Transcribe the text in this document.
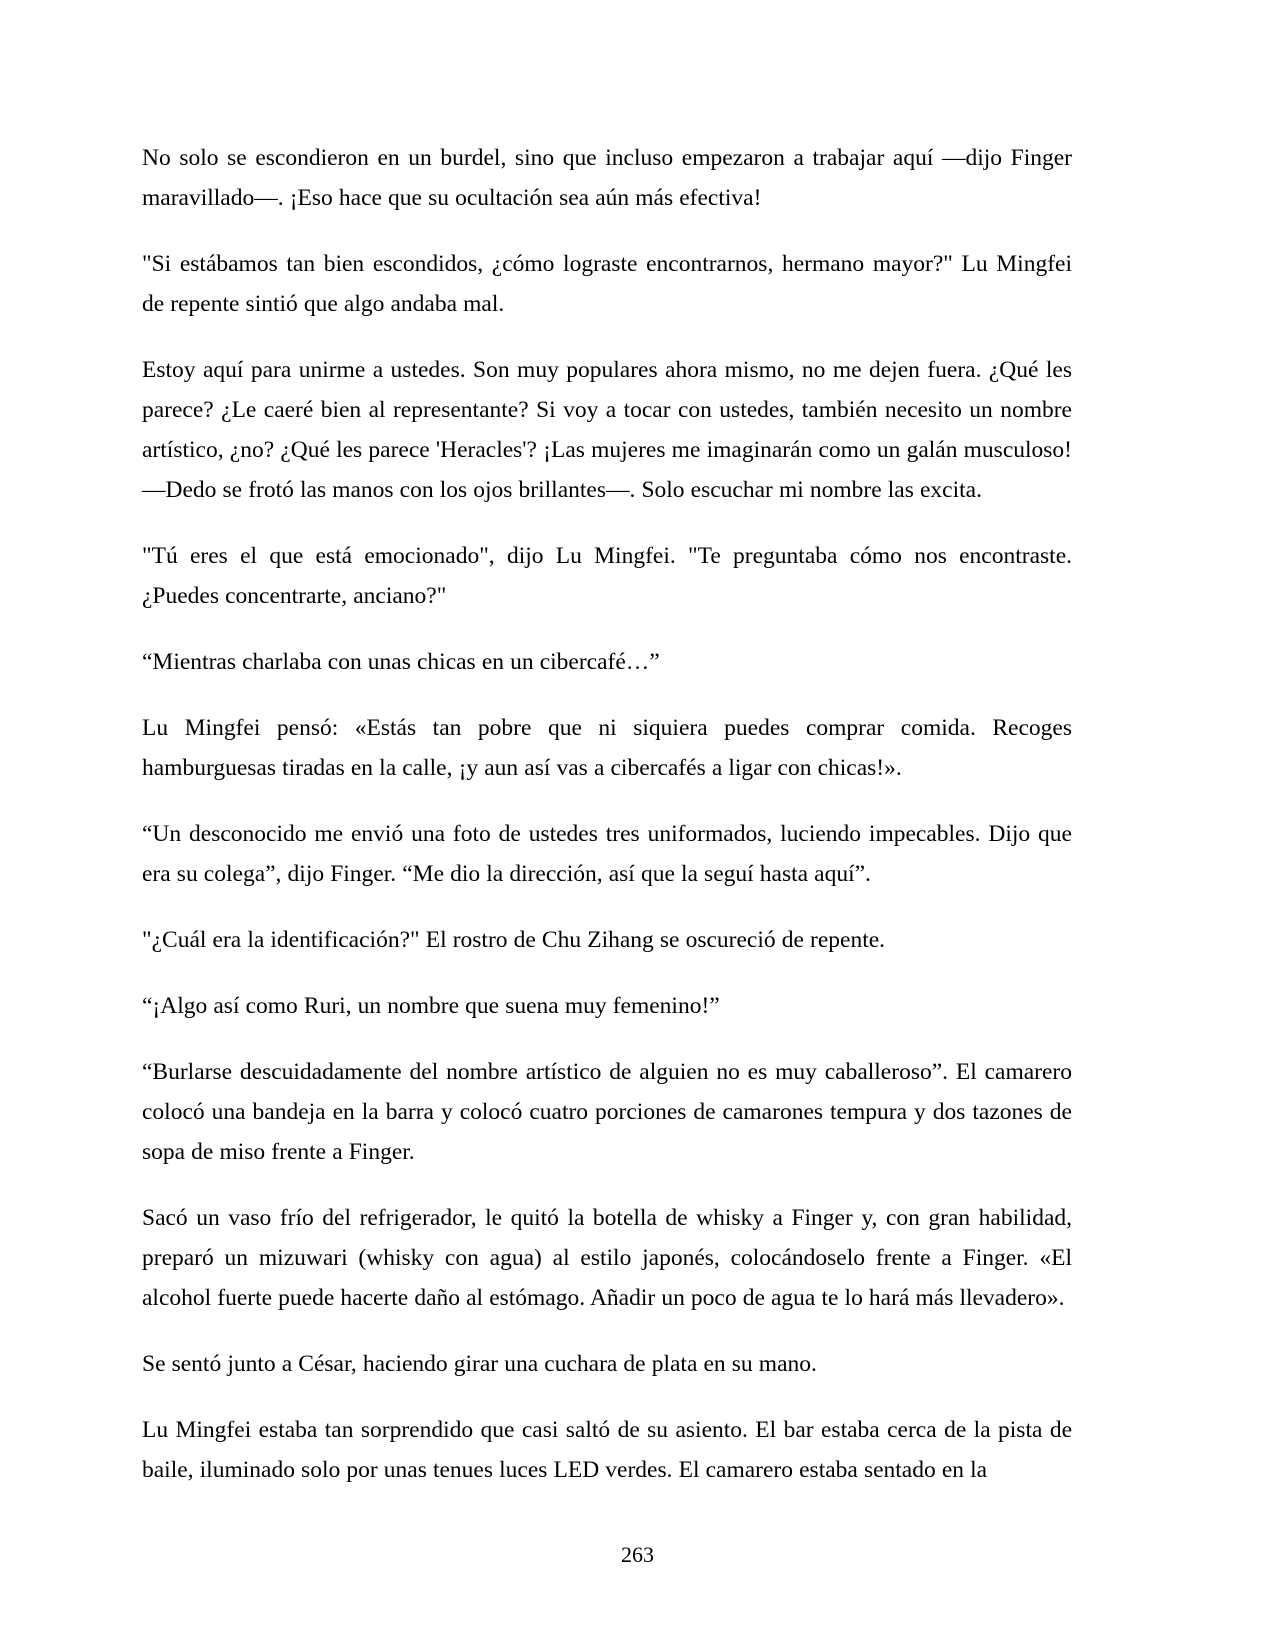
No solo se escondieron en un burdel, sino que incluso empezaron a trabajar aquí —dijo Finger maravillado—. ¡Eso hace que su ocultación sea aún más efectiva!

"Si estábamos tan bien escondidos, ¿cómo lograste encontrarnos, hermano mayor?" Lu Mingfei de repente sintió que algo andaba mal.

Estoy aquí para unirme a ustedes. Son muy populares ahora mismo, no me dejen fuera. ¿Qué les parece? ¿Le caeré bien al representante? Si voy a tocar con ustedes, también necesito un nombre artístico, ¿no? ¿Qué les parece 'Heracles'? ¡Las mujeres me imaginarán como un galán musculoso! —Dedo se frotó las manos con los ojos brillantes—. Solo escuchar mi nombre las excita.

"Tú eres el que está emocionado", dijo Lu Mingfei. "Te preguntaba cómo nos encontraste. ¿Puedes concentrarte, anciano?"

“Mientras charlaba con unas chicas en un cibercafé…”

Lu Mingfei pensó: «Estás tan pobre que ni siquiera puedes comprar comida. Recoges hamburguesas tiradas en la calle, ¡y aun así vas a cibercafés a ligar con chicas!».

“Un desconocido me envió una foto de ustedes tres uniformados, luciendo impecables. Dijo que era su colega”, dijo Finger. “Me dio la dirección, así que la seguí hasta aquí”.

"¿Cuál era la identificación?" El rostro de Chu Zihang se oscureció de repente.

“¡Algo así como Ruri, un nombre que suena muy femenino!”

“Burlarse descuidadamente del nombre artístico de alguien no es muy caballeroso”. El camarero colocó una bandeja en la barra y colocó cuatro porciones de camarones tempura y dos tazones de sopa de miso frente a Finger.

Sacó un vaso frío del refrigerador, le quitó la botella de whisky a Finger y, con gran habilidad, preparó un mizuwari (whisky con agua) al estilo japonés, colocándoselo frente a Finger. «El alcohol fuerte puede hacerte daño al estómago. Añadir un poco de agua te lo hará más llevadero».

Se sentó junto a César, haciendo girar una cuchara de plata en su mano.

Lu Mingfei estaba tan sorprendido que casi saltó de su asiento. El bar estaba cerca de la pista de baile, iluminado solo por unas tenues luces LED verdes. El camarero estaba sentado en la

263
